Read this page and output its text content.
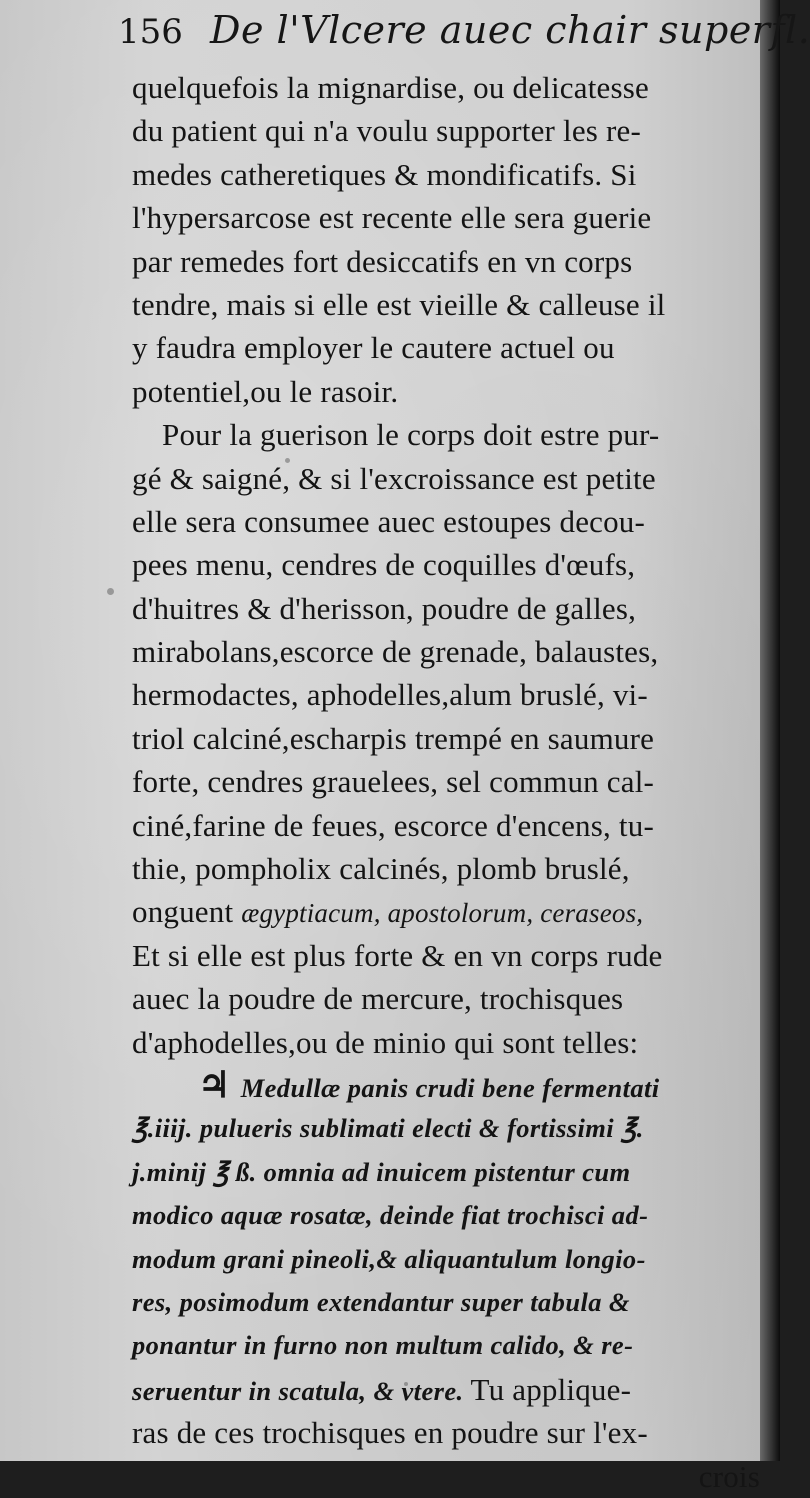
156 De l'Vlcere auec chair superfl.
quelquefois la mignardise, ou delicatesse
du patient qui n'a voulu supporter les re-
medes catheretiques & mondificatifs. Si
l'hypersarcose est recente elle sera guerie
par remedes fort desiccatifs en vn corps
tendre, mais si elle est vieille & calleuse il
y faudra employer le cautere actuel ou
potentiel,ou le rasoir.
Pour la guerison le corps doit estre pur-
gé & saigné, & si l'excroissance est petite
elle sera consumee auec estoupes decou-
pees menu, cendres de coquilles d'œufs,
d'huitres & d'herisson, poudre de galles,
mirabolans,escorce de grenade, balaustes,
hermodactes, aphodelles,alum bruslé, vi-
triol calciné,escharpis trempé en saumure
forte, cendres grauelees, sel commun cal-
ciné,farine de feues, escorce d'encens, tu-
thie, pompholix calcinés, plomb bruslé,
onguent ægyptiacum, apostolorum, ceraseos,
Et si elle est plus forte & en vn corps rude
auec la poudre de mercure, trochisques
d'aphodelles,ou de minio qui sont telles:
♃ Medullæ panis crudi bene fermentati
℥.iiij. pulueris sublimati electi & fortissimi ℥.
j.minij ℥ ß. omnia ad inuicem pistentur cum
modico aquæ rosatæ, deinde fiat trochisci ad-
modum grani pineoli,& aliquantulum longio-
res, posimodum extendantur super tabula &
ponantur in furno non multum calido, & re-
seruentur in scatula, & vtere. Tu applique-
ras de ces trochisques en poudre sur l'ex-
crois
